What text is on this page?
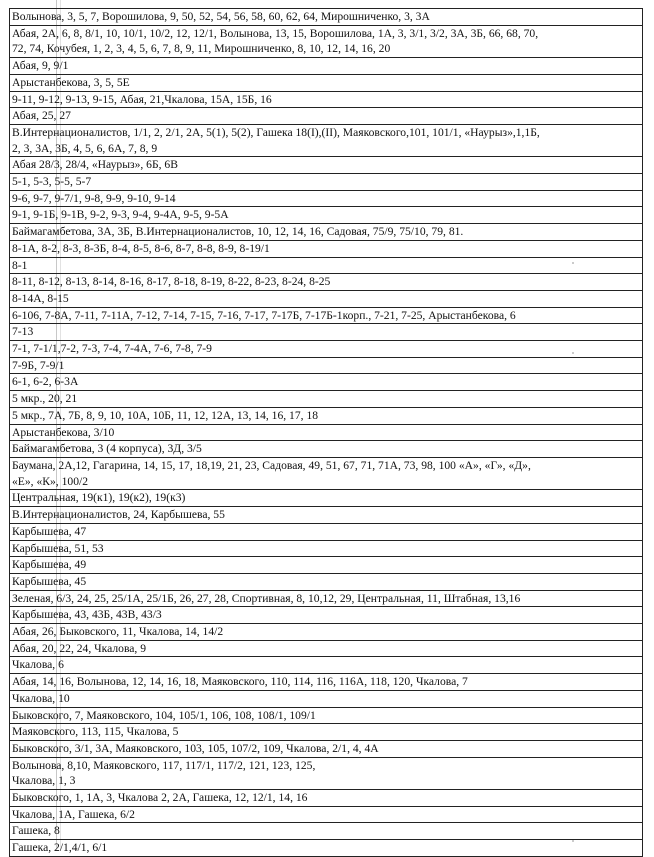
Волынова, 3, 5, 7, Ворошилова, 9, 50, 52, 54, 56, 58, 60, 62, 64, Мирошниченко, 3, 3А
Абая, 2А, 6, 8, 8/1, 10, 10/1, 10/2, 12, 12/1, Волынова, 13, 15, Ворошилова, 1А, 3, 3/1, 3/2, 3А, 3Б, 66, 68, 70,
72, 74, Кочубея, 1, 2, 3, 4, 5, 6, 7, 8, 9, 11, Мирошниченко, 8, 10, 12, 14, 16, 20
Абая, 9, 9/1
Арыстанбекова, 3, 5, 5Е
9-11, 9-12, 9-13, 9-15, Абая, 21,Чкалова, 15А, 15Б, 16
Абая, 25, 27
В.Интернационалистов, 1/1, 2, 2/1, 2А, 5(1), 5(2), Гашека 18(I),(II), Маяковского,101, 101/1, «Наурыз»,1,1Б,
2, 3, 3А, 3Б, 4, 5, 6, 6А, 7, 8, 9
Абая 28/3, 28/4, «Наурыз», 6Б, 6В
5-1, 5-3, 5-5, 5-7
9-6, 9-7, 9-7/1, 9-8, 9-9, 9-10, 9-14
9-1, 9-1Б, 9-1В, 9-2, 9-3, 9-4, 9-4А, 9-5, 9-5А
Баймагамбетова, 3А, 3Б, В.Интернационалистов, 10, 12, 14, 16, Садовая, 75/9, 75/10, 79, 81.
8-1А, 8-2, 8-3, 8-3Б, 8-4, 8-5, 8-6, 8-7, 8-8, 8-9, 8-19/1
8-1
8-11, 8-12, 8-13, 8-14, 8-16, 8-17, 8-18, 8-19, 8-22, 8-23, 8-24, 8-25
8-14А, 8-15
6-106, 7-8А, 7-11, 7-11А, 7-12, 7-14, 7-15, 7-16, 7-17, 7-17Б, 7-17Б-1корп., 7-21, 7-25, Арыстанбекова, 6
7-13
7-1, 7-1/1,7-2, 7-3, 7-4, 7-4А, 7-6, 7-8, 7-9
7-9Б, 7-9/1
6-1, 6-2, 6-3А
5 мкр., 20, 21
5 мкр., 7А, 7Б, 8, 9, 10, 10А, 10Б, 11, 12, 12А, 13, 14, 16, 17, 18
Арыстанбекова, 3/10
Баймагамбетова, 3 (4 корпуса), 3Д, 3/5
Баумана, 2А,12, Гагарина, 14, 15, 17, 18,19, 21, 23, Садовая, 49, 51, 67, 71, 71А, 73, 98, 100 «А», «Г», «Д»,
«Е», «К», 100/2
Центральная, 19(к1), 19(к2), 19(к3)
В.Интернационалистов, 24, Карбышева, 55
Карбышева, 47
Карбышева, 51, 53
Карбышева, 49
Карбышева, 45
Зеленая, 6/3, 24, 25, 25/1А, 25/1Б, 26, 27, 28, Спортивная, 8, 10,12, 29, Центральная, 11, Штабная, 13,16
Карбышева, 43, 43Б, 43В, 43/3
Абая, 26, Быковского, 11, Чкалова, 14, 14/2
Абая, 20, 22, 24, Чкалова, 9
Чкалова, 6
Абая, 14, 16, Волынова, 12, 14, 16, 18, Маяковского, 110, 114, 116, 116А, 118, 120, Чкалова, 7
Чкалова, 10
Быковского, 7, Маяковского, 104, 105/1, 106, 108, 108/1, 109/1
Маяковского, 113, 115, Чкалова, 5
Быковского, 3/1, 3А, Маяковского, 103, 105, 107/2, 109, Чкалова, 2/1, 4, 4А
Волынова, 8,10, Маяковского, 117, 117/1, 117/2, 121, 123, 125,
Чкалова, 1, 3
Быковского, 1, 1А, 3, Чкалова 2, 2А, Гашека, 12, 12/1, 14, 16
Чкалова, 1А, Гашека, 6/2
Гашека, 8
Гашека, 2/1,4/1, 6/1
